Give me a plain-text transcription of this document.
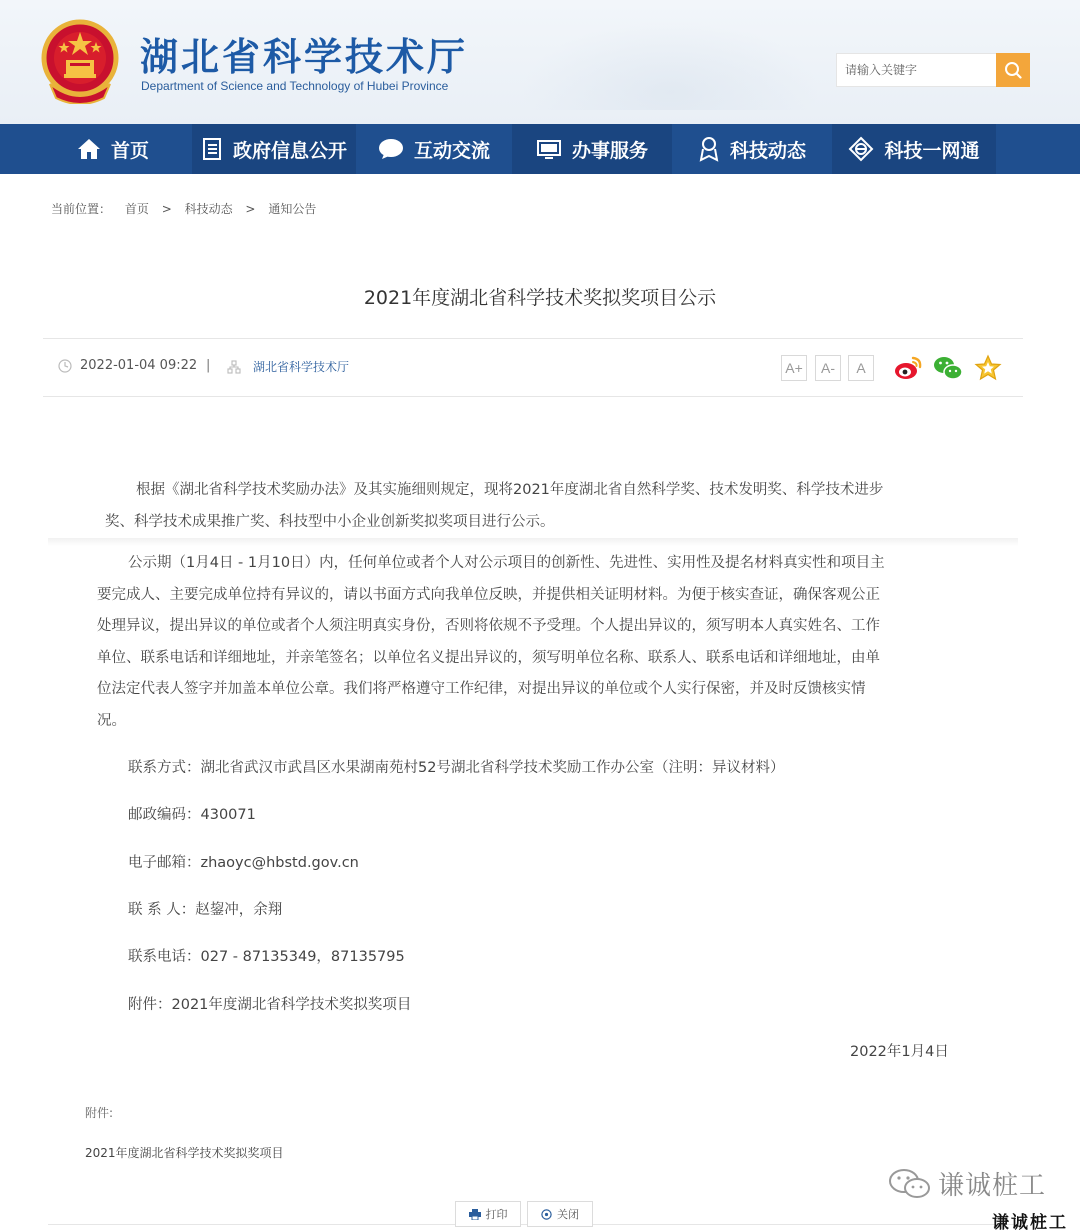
湖北省科学技术厅
Department of Science and Technology of Hubei Province
请输入关键字
首页	政府信息公开	互动交流	办事服务	科技动态	科技一网通
当前位置： 首页 > 科技动态 > 通知公告
2021年度湖北省科学技术奖拟奖项目公示
2022-01-04 09:22 |	湖北省科学技术厅	A+	A-	A
根据《湖北省科学技术奖励办法》及其实施细则规定，现将2021年度湖北省自然科学奖、技术发明奖、科学技术进步
奖、科学技术成果推广奖、科技型中小企业创新奖拟奖项目进行公示。
公示期（1月4日 - 1月10日）内，任何单位或者个人对公示项目的创新性、先进性、实用性及提名材料真实性和项目主
要完成人、主要完成单位持有异议的，请以书面方式向我单位反映，并提供相关证明材料。为便于核实查证，确保客观公正
处理异议，提出异议的单位或者个人须注明真实身份，否则将依规不予受理。个人提出异议的，须写明本人真实姓名、工作
单位、联系电话和详细地址，并亲笔签名；以单位名义提出异议的，须写明单位名称、联系人、联系电话和详细地址，由单
位法定代表人签字并加盖本单位公章。我们将严格遵守工作纪律，对提出异议的单位或个人实行保密，并及时反馈核实情
况。
联系方式：湖北省武汉市武昌区水果湖南苑村52号湖北省科学技术奖励工作办公室（注明：异议材料）
邮政编码：430071
电子邮箱：zhaoyc@hbstd.gov.cn
联 系 人：赵鋆冲，余翔
联系电话：027 - 87135349，87135795
附件：2021年度湖北省科学技术奖拟奖项目
2022年1月4日
附件:
2021年度湖北省科学技术奖拟奖项目
谦诚桩工
打印	关闭	谦诚桩工
